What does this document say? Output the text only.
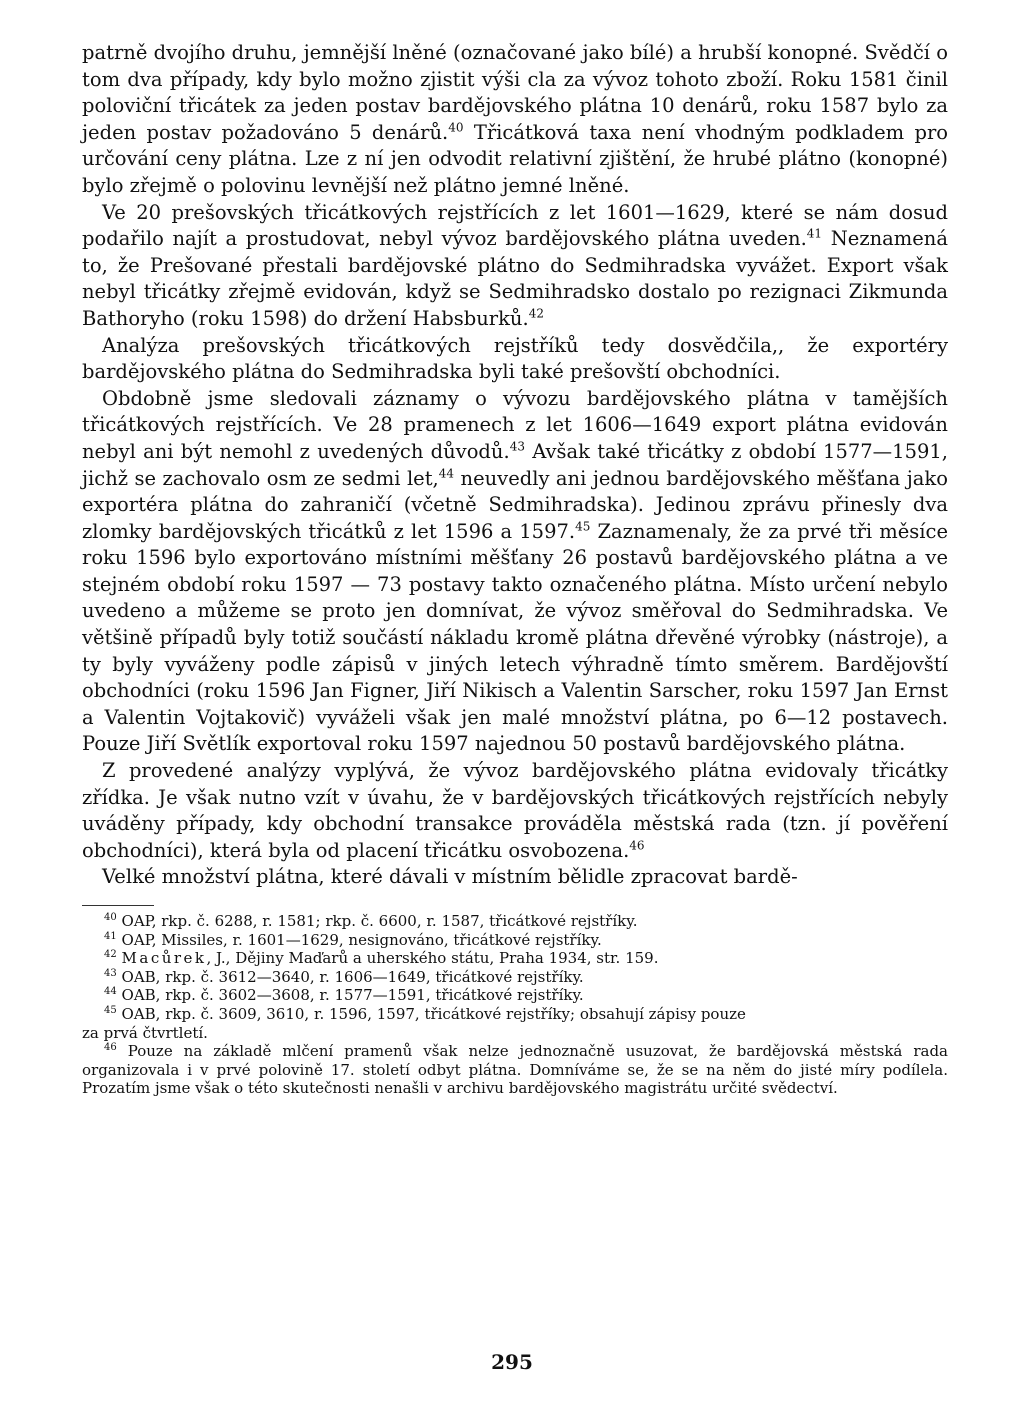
patrně dvojího druhu, jemnější lněné (označované jako bílé) a hrubší konopné. Svědčí o tom dva případy, kdy bylo možno zjistit výši cla za vývoz tohoto zboží. Roku 1581 činil poloviční třicátek za jeden postav bardějovského plátna 10 denárů, roku 1587 bylo za jeden postav požadováno 5 denárů.$^{40}$ Třicátková taxa není vhodným podkladem pro určování ceny plátna. Lze z ní jen odvodit relativní zjištění, že hrubé plátno (konopné) bylo zřejmě o polovinu levnější než plátno jemné lněné.

Ve 20 prešovských třicátkových rejstřících z let 1601—1629, které se nám dosud podařilo najít a prostudovat, nebyl vývoz bardějovského plátna uveden.$^{41}$ Neznamená to, že Prešované přestali bardějovské plátno do Sedmihradska vyvážet. Export však nebyl třicátky zřejmě evidován, když se Sedmihradsko dostalo po rezignaci Zikmunda Bathoryho (roku 1598) do držení Habsburků.$^{42}$

Analýza prešovských třicátkových rejstříků tedy dosvědčila,, že exportéry bardějovského plátna do Sedmihradska byli také prešovští obchodníci.

Obdobně jsme sledovali záznamy o vývozu bardějovského plátna v tamějších třicátkových rejstřících. Ve 28 pramenech z let 1606—1649 export plátna evidován nebyl ani být nemohl z uvedených důvodů.$^{43}$ Avšak také třicátky z období 1577—1591, jichž se zachovalo osm ze sedmi let,$^{44}$ neuvedly ani jednou bardějovského měšťana jako exportéra plátna do zahraničí (včetně Sedmihradska). Jedinou zprávu přinesly dva zlomky bardějovských třicátků z let 1596 a 1597.45 Zaznamenaly, že za prvé tři měsíce roku 1596 bylo exportováno místními měšťany 26 postavů bardějovského plátna a ve stejném období roku 1597 — 73 postavy takto označeného plátna. Místo určení nebylo uvedeno a můžeme se proto jen domnívat, že vývoz směřoval do Sedmihradska. Ve většině případů byly totiž součástí nákladu kromě plátna dřevěné výrobky (nástroje), a ty byly vyváženy podle zápisů v jiných letech výhradně tímto směrem. Bardějovští obchodníci (roku 1596 Jan Figner, Jiří Nikisch a Valentin Sarscher, roku 1597 Jan Ernst a Valentin Vojtakovič) vyváželi však jen malé množství plátna, po 6—12 postavech. Pouze Jiří Světlík exportoval roku 1597 najednou 50 postavů bardějovského plátna.

Z provedené analýzy vyplývá, že vývoz bardějovského plátna evidovaly třicátky zřídka. Je však nutno vzít v úvahu, že v bardějovských třicátkových rejstřících nebyly uváděny případy, kdy obchodní transakce prováděla městská rada (tzn. jí pověření obchodníci), která byla od placení třicátku osvobozena.$^{46}$

Velké množství plátna, které dávali v místním bělidle zpracovat bardě-

$^{40}$ OAP, rkp. č. 6288, r. 1581; rkp. č. 6600, r. 1587, třicátkové rejstříky.

$^{41}$ OAP, Missiles, r. 1601—1629, nesignováno, třicátkové rejstříky.

$^{42}$ Macůrek, J., Dějiny Maďarů a uherského státu, Praha 1934, str. 159.

$^{43}$ OAB, rkp. č. 3612—3640, r. 1606—1649, třicátkové rejstříky.

$^{44}$ OAB, rkp. č. 3602—3608, r. 1577—1591, třicátkové rejstříky.

$^{45}$ OAB, rkp. č. 3609, 3610, r. 1596, 1597, třicátkové rejstříky; obsahují zápisy pouze

za prvá čtvrtletí.

$^{46}$ Pouze na základě mlčení pramenů však nelze jednoznačně usuzovat, že bardějovská městská rada organizovala i v prvé polovině 17. století odbyt plátna. Domníváme se, že se na něm do jisté míry podílela. Prozatím jsme však o této skutečnosti nenašli v archivu bardějovského magistrátu určité svědectví.

295
